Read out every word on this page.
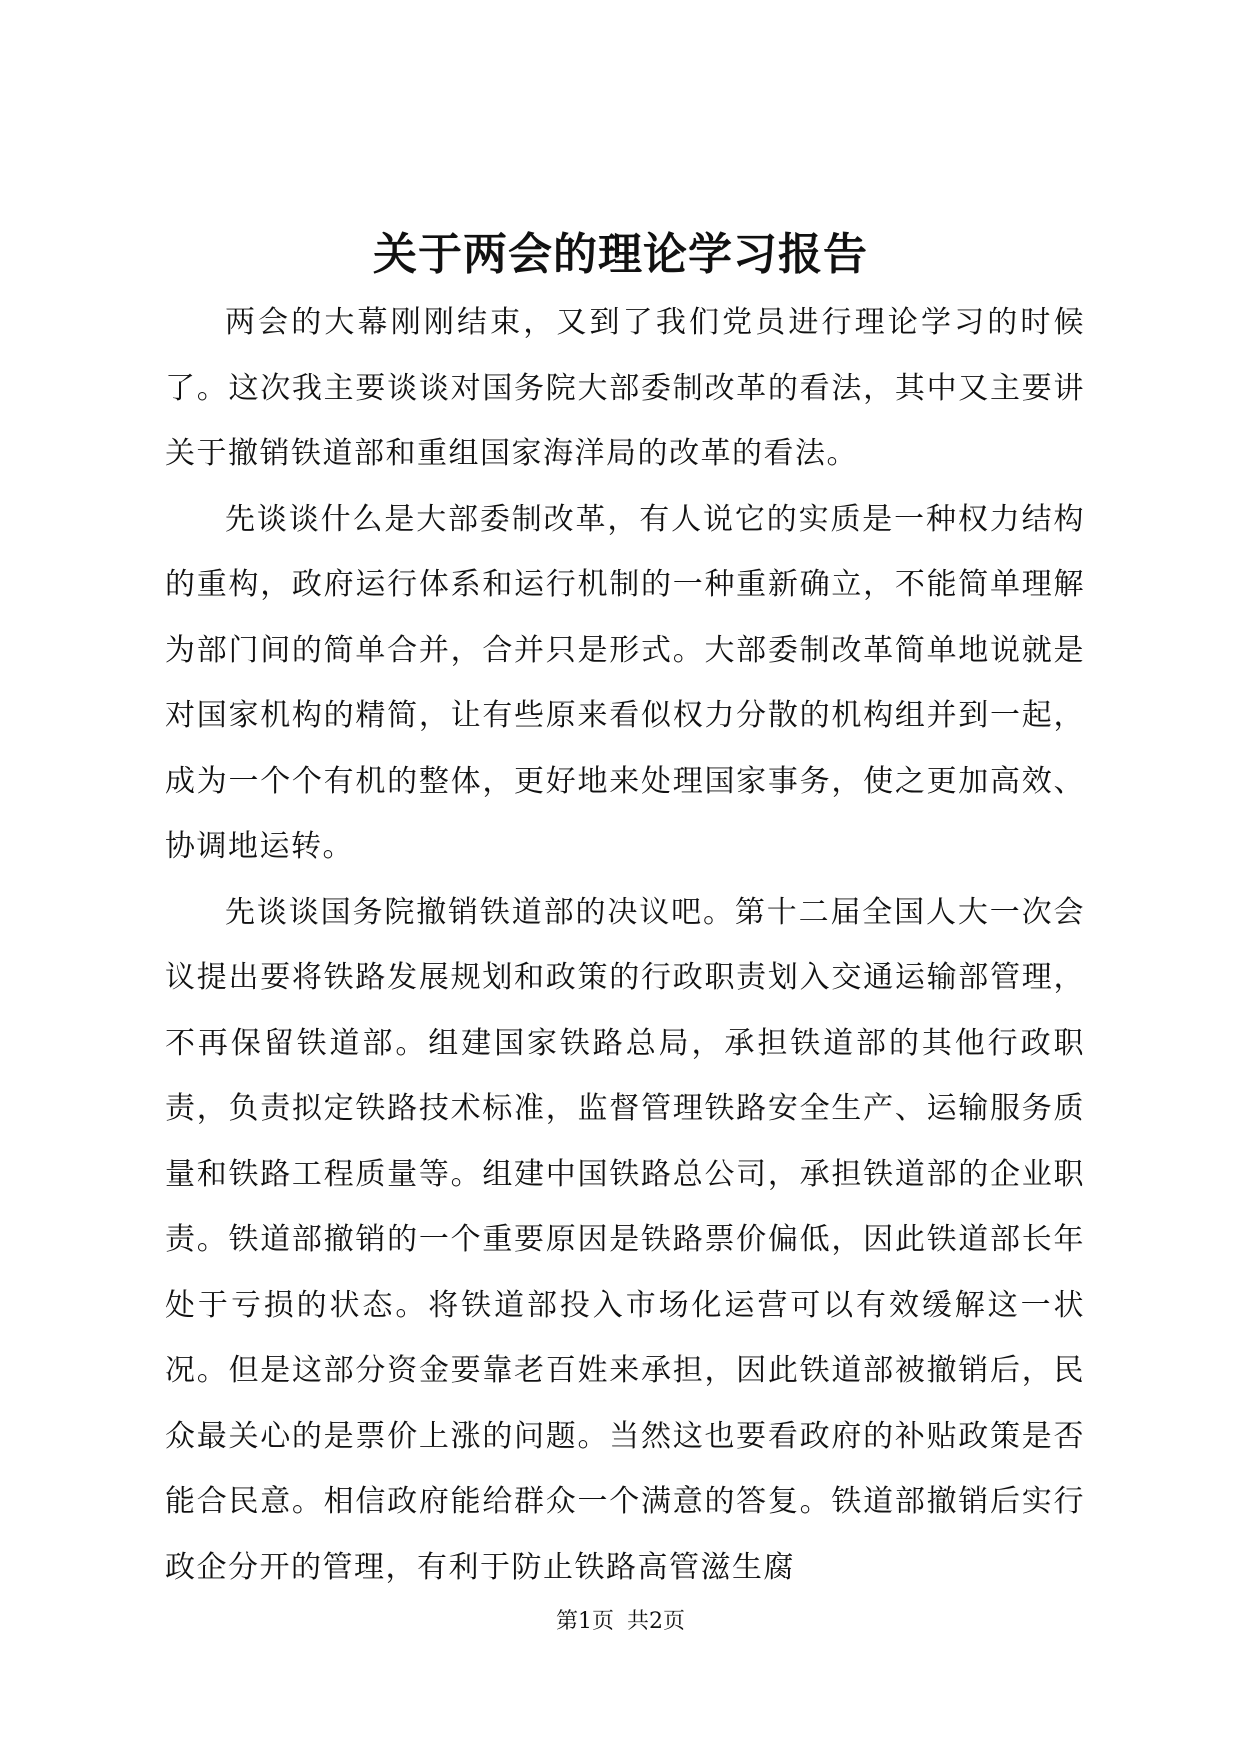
关于两会的理论学习报告

两会的大幕刚刚结束，又到了我们党员进行理论学习的时候了。这次我主要谈谈对国务院大部委制改革的看法，其中又主要讲关于撤销铁道部和重组国家海洋局的改革的看法。

先谈谈什么是大部委制改革，有人说它的实质是一种权力结构的重构，政府运行体系和运行机制的一种重新确立，不能简单理解为部门间的简单合并，合并只是形式。大部委制改革简单地说就是对国家机构的精简，让有些原来看似权力分散的机构组并到一起，成为一个个有机的整体，更好地来处理国家事务，使之更加高效、协调地运转。

先谈谈国务院撤销铁道部的决议吧。第十二届全国人大一次会议提出要将铁路发展规划和政策的行政职责划入交通运输部管理，不再保留铁道部。组建国家铁路总局，承担铁道部的其他行政职责，负责拟定铁路技术标准，监督管理铁路安全生产、运输服务质量和铁路工程质量等。组建中国铁路总公司，承担铁道部的企业职责。铁道部撤销的一个重要原因是铁路票价偏低，因此铁道部长年处于亏损的状态。将铁道部投入市场化运营可以有效缓解这一状况。但是这部分资金要靠老百姓来承担，因此铁道部被撤销后，民众最关心的是票价上涨的问题。当然这也要看政府的补贴政策是否能合民意。相信政府能给群众一个满意的答复。铁道部撤销后实行政企分开的管理，有利于防止铁路高管滋生腐

第1页 共2页
